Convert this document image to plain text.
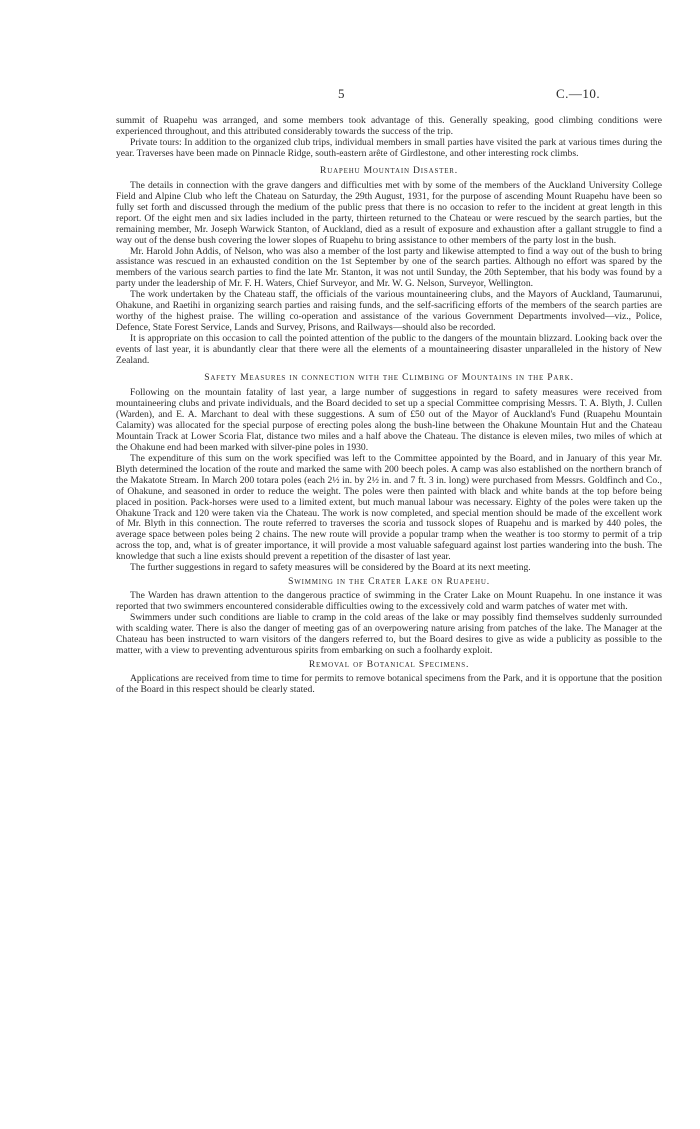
5	C.—10.

summit of Ruapehu was arranged, and some members took advantage of this. Generally speaking, good climbing conditions were experienced throughout, and this attributed considerably towards the success of the trip.

Private tours: In addition to the organized club trips, individual members in small parties have visited the park at various times during the year. Traverses have been made on Pinnacle Ridge, south-eastern arête of Girdlestone, and other interesting rock climbs.

Ruapehu Mountain Disaster.

The details in connection with the grave dangers and difficulties met with by some of the members of the Auckland University College Field and Alpine Club who left the Chateau on Saturday, the 29th August, 1931, for the purpose of ascending Mount Ruapehu have been so fully set forth and discussed through the medium of the public press that there is no occasion to refer to the incident at great length in this report. Of the eight men and six ladies included in the party, thirteen returned to the Chateau or were rescued by the search parties, but the remaining member, Mr. Joseph Warwick Stanton, of Auckland, died as a result of exposure and exhaustion after a gallant struggle to find a way out of the dense bush covering the lower slopes of Ruapehu to bring assistance to other members of the party lost in the bush.

Mr. Harold John Addis, of Nelson, who was also a member of the lost party and likewise attempted to find a way out of the bush to bring assistance was rescued in an exhausted condition on the 1st September by one of the search parties. Although no effort was spared by the members of the various search parties to find the late Mr. Stanton, it was not until Sunday, the 20th September, that his body was found by a party under the leadership of Mr. F. H. Waters, Chief Surveyor, and Mr. W. G. Nelson, Surveyor, Wellington.

The work undertaken by the Chateau staff, the officials of the various mountaineering clubs, and the Mayors of Auckland, Taumarunui, Ohakune, and Raetihi in organizing search parties and raising funds, and the self-sacrificing efforts of the members of the search parties are worthy of the highest praise. The willing co-operation and assistance of the various Government Departments involved—viz., Police, Defence, State Forest Service, Lands and Survey, Prisons, and Railways—should also be recorded.

It is appropriate on this occasion to call the pointed attention of the public to the dangers of the mountain blizzard. Looking back over the events of last year, it is abundantly clear that there were all the elements of a mountaineering disaster unparalleled in the history of New Zealand.

Safety Measures in connection with the Climbing of Mountains in the Park.

Following on the mountain fatality of last year, a large number of suggestions in regard to safety measures were received from mountaineering clubs and private individuals, and the Board decided to set up a special Committee comprising Messrs. T. A. Blyth, J. Cullen (Warden), and E. A. Marchant to deal with these suggestions. A sum of £50 out of the Mayor of Auckland's Fund (Ruapehu Mountain Calamity) was allocated for the special purpose of erecting poles along the bush-line between the Ohakune Mountain Hut and the Chateau Mountain Track at Lower Scoria Flat, distance two miles and a half above the Chateau. The distance is eleven miles, two miles of which at the Ohakune end had been marked with silver-pine poles in 1930.

The expenditure of this sum on the work specified was left to the Committee appointed by the Board, and in January of this year Mr. Blyth determined the location of the route and marked the same with 200 beech poles. A camp was also established on the northern branch of the Makatote Stream. In March 200 totara poles (each 2½ in. by 2½ in. and 7 ft. 3 in. long) were purchased from Messrs. Goldfinch and Co., of Ohakune, and seasoned in order to reduce the weight. The poles were then painted with black and white bands at the top before being placed in position. Pack-horses were used to a limited extent, but much manual labour was necessary. Eighty of the poles were taken up the Ohakune Track and 120 were taken via the Chateau. The work is now completed, and special mention should be made of the excellent work of Mr. Blyth in this connection. The route referred to traverses the scoria and tussock slopes of Ruapehu and is marked by 440 poles, the average space between poles being 2 chains. The new route will provide a popular tramp when the weather is too stormy to permit of a trip across the top, and, what is of greater importance, it will provide a most valuable safeguard against lost parties wandering into the bush. The knowledge that such a line exists should prevent a repetition of the disaster of last year.

The further suggestions in regard to safety measures will be considered by the Board at its next meeting.

Swimming in the Crater Lake on Ruapehu.

The Warden has drawn attention to the dangerous practice of swimming in the Crater Lake on Mount Ruapehu. In one instance it was reported that two swimmers encountered considerable difficulties owing to the excessively cold and warm patches of water met with.

Swimmers under such conditions are liable to cramp in the cold areas of the lake or may possibly find themselves suddenly surrounded with scalding water. There is also the danger of meeting gas of an overpowering nature arising from patches of the lake. The Manager at the Chateau has been instructed to warn visitors of the dangers referred to, but the Board desires to give as wide a publicity as possible to the matter, with a view to preventing adventurous spirits from embarking on such a foolhardy exploit.

Removal of Botanical Specimens.

Applications are received from time to time for permits to remove botanical specimens from the Park, and it is opportune that the position of the Board in this respect should be clearly stated.
